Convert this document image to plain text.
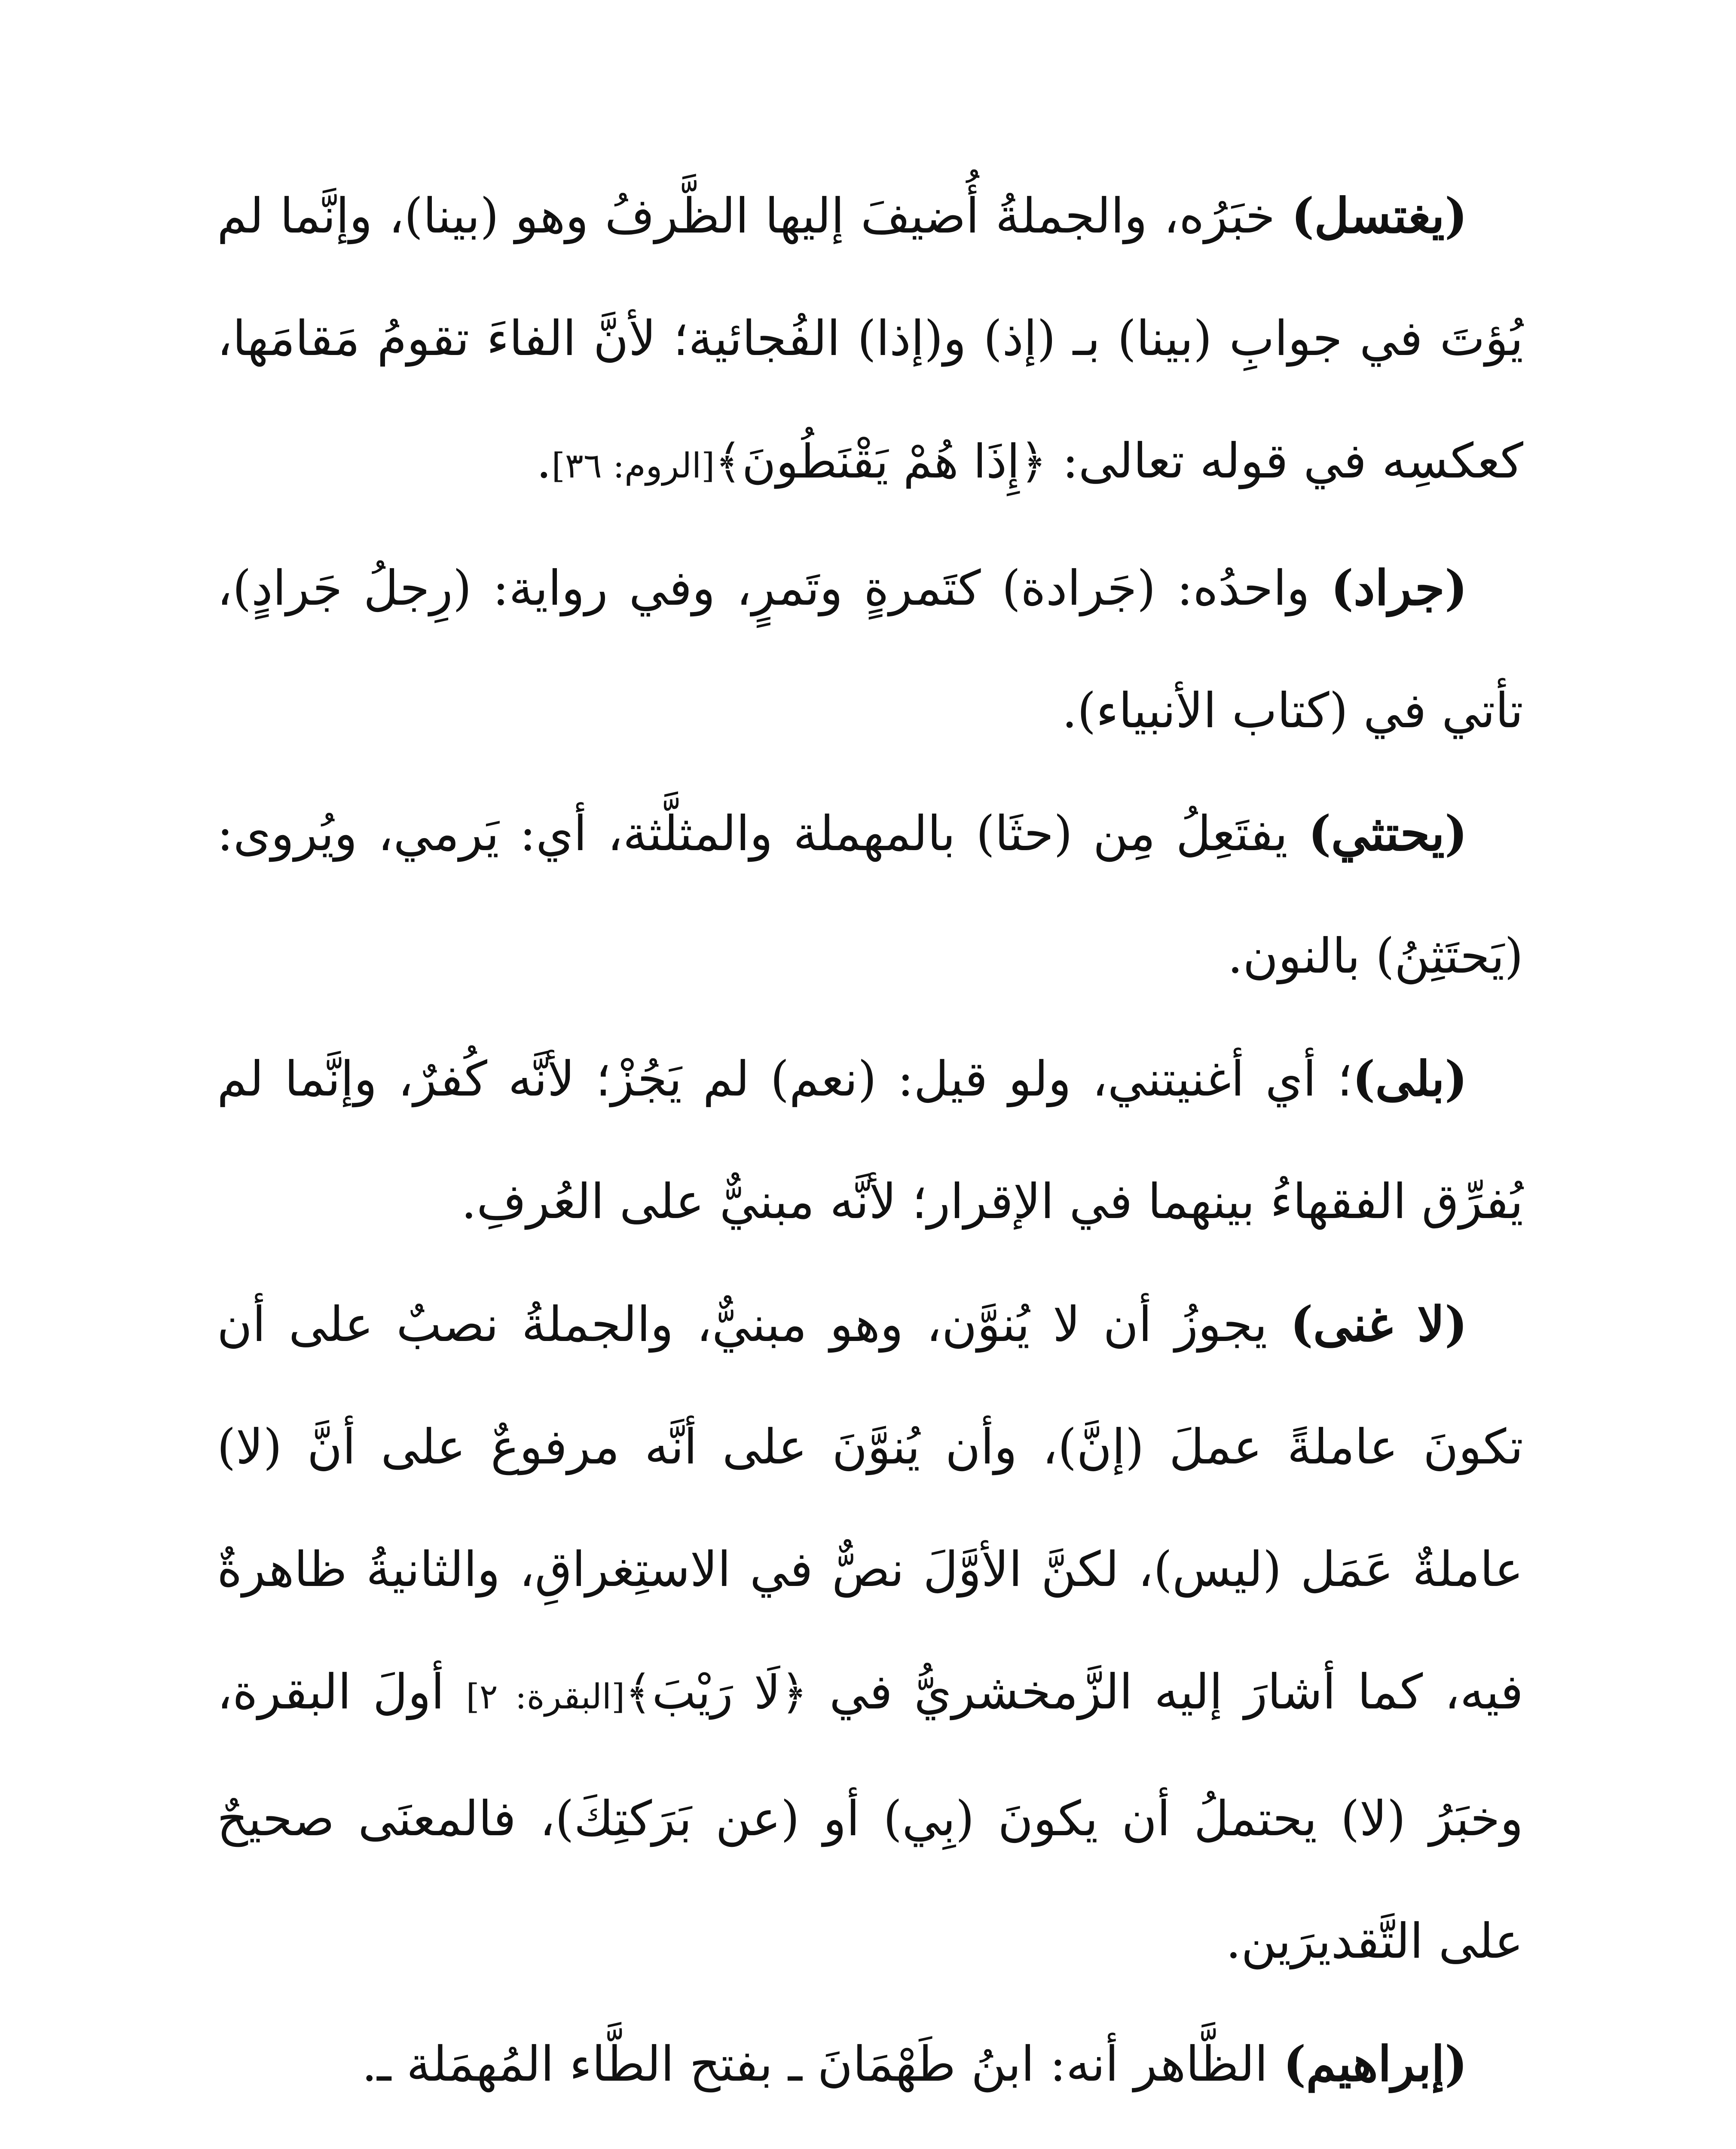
(يغتسل) خبَرُه، والجملةُ أُضيفَ إليها الظَّرفُ وهو (بينا)، وإنَّما لم يُؤتَ في جوابِ (بينا) بـ (إذ) و(إذا) الفُجائية؛ لأنَّ الفاءَ تقومُ مَقامَها، كعكسِه في قوله تعالى: ﴿إِذَا هُمْ يَقْنَطُونَ﴾[الروم: ٣٦].

(جراد) واحدُه: (جَرادة) كتَمرةٍ وتَمرٍ، وفي رواية: (رِجلُ جَرادٍ)، تأتي في (كتاب الأنبياء).

(يحتثي) يفتَعِلُ مِن (حثَا) بالمهملة والمثلَّثة، أي: يَرمي، ويُروى: (يَحتَثِنُ) بالنون.

(بلى)؛ أي أغنيتني، ولو قيل: (نعم) لم يَجُزْ؛ لأنَّه كُفرٌ، وإنَّما لم يُفرِّق الفقهاءُ بينهما في الإقرار؛ لأنَّه مبنيٌّ على العُرفِ.

(لا غنى) يجوزُ أن لا يُنوَّن، وهو مبنيٌّ، والجملةُ نصبٌ على أن تكونَ عاملةً عملَ (إنَّ)، وأن يُنوَّنَ على أنَّه مرفوعٌ على أنَّ (لا) عاملةٌ عَمَل (ليس)، لكنَّ الأوَّلَ نصٌّ في الاستِغراقِ، والثانيةُ ظاهرةٌ فيه، كما أشارَ إليه الزَّمخشريُّ في ﴿لَا رَيْبَ﴾[البقرة: ٢] أولَ البقرة، وخبَرُ (لا) يحتملُ أن يكونَ (بِي) أو (عن بَرَكتِكَ)، فالمعنَى صحيحٌ على التَّقديرَين.

(إبراهيم) الظَّاهر أنه: ابنُ طَهْمَانَ ـ بفتح الطَّاء المُهمَلة ـ.
